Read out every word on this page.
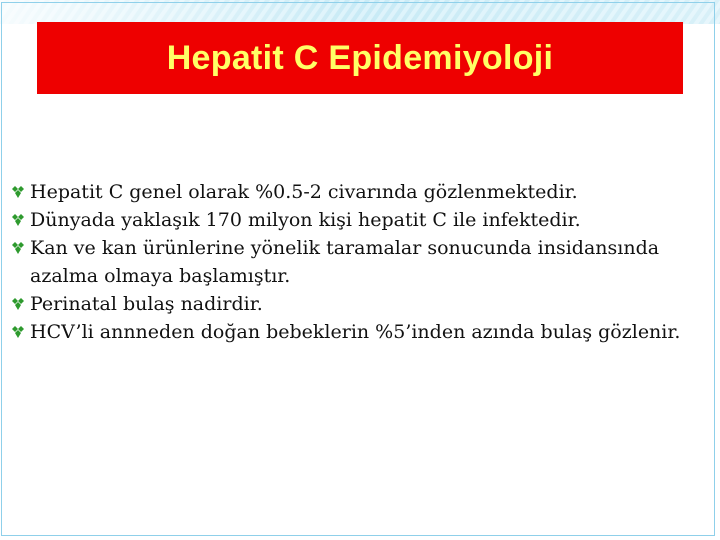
Hepatit C Epidemiyoloji
Hepatit C genel olarak %0.5-2 civarında gözlenmektedir.
Dünyada yaklaşık 170 milyon kişi hepatit C ile infektedir.
Kan ve kan ürünlerine yönelik taramalar sonucunda insidansında azalma olmaya başlamıştır.
Perinatal bulaş nadirdir.
HCV’li annneden doğan bebeklerin %5’inden azında bulaş gözlenir.
